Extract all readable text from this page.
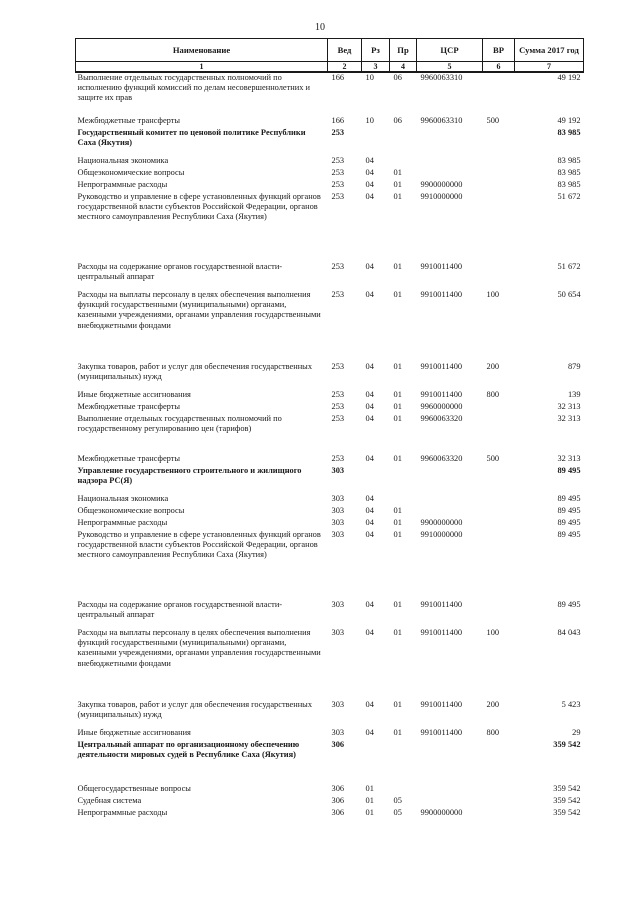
10
Наименование	Вед	Рз	Пр	ЦСР	ВР	Сумма 2017 год
1	2	3	4	5	6	7
Выполнение отдельных государственных полномочий по исполнению функций комиссий по делам несовершеннолетних и защите их прав	166	10	06	9960063310		49 192
Межбюджетные трансферты	166	10	06	9960063310	500	49 192
Государственный комитет по ценовой политике Республики Саха (Якутия)	253					83 985
Национальная экономика	253	04				83 985
Общеэкономические вопросы	253	04	01			83 985
Непрограммные расходы	253	04	01	9900000000		83 985
Руководство и управление в сфере установленных функций органов государственной власти субъектов Российской Федерации, органов местного самоуправления Республики Саха (Якутия)	253	04	01	9910000000		51 672
Расходы на содержание органов государственной власти- центральный аппарат	253	04	01	9910011400		51 672
Расходы на выплаты персоналу в целях обеспечения выполнения функций государственными (муниципальными) органами, казенными учреждениями, органами управления государственными внебюджетными фондами	253	04	01	9910011400	100	50 654
Закупка товаров, работ и услуг для обеспечения государственных (муниципальных) нужд	253	04	01	9910011400	200	879
Иные бюджетные ассигнования	253	04	01	9910011400	800	139
Межбюджетные трансферты	253	04	01	9960000000		32 313
Выполнение отдельных государственных полномочий по государственному регулированию цен (тарифов)	253	04	01	9960063320		32 313
Межбюджетные трансферты	253	04	01	9960063320	500	32 313
Управление государственного строительного и жилищного надзора РС(Я)	303					89 495
Национальная экономика	303	04				89 495
Общеэкономические вопросы	303	04	01			89 495
Непрограммные расходы	303	04	01	9900000000		89 495
Руководство и управление в сфере установленных функций органов государственной власти субъектов Российской Федерации, органов местного самоуправления Республики Саха (Якутия)	303	04	01	9910000000		89 495
Расходы на содержание органов государственной власти- центральный аппарат	303	04	01	9910011400		89 495
Расходы на выплаты персоналу в целях обеспечения выполнения функций государственными (муниципальными) органами, казенными учреждениями, органами управления государственными внебюджетными фондами	303	04	01	9910011400	100	84 043
Закупка товаров, работ и услуг для обеспечения государственных (муниципальных) нужд	303	04	01	9910011400	200	5 423
Иные бюджетные ассигнования	303	04	01	9910011400	800	29
Центральный аппарат по организационному обеспечению деятельности мировых судей в Республике Саха (Якутия)	306					359 542
Общегосударственные вопросы	306	01				359 542
Судебная система	306	01	05			359 542
Непрограммные расходы	306	01	05	9900000000		359 542
